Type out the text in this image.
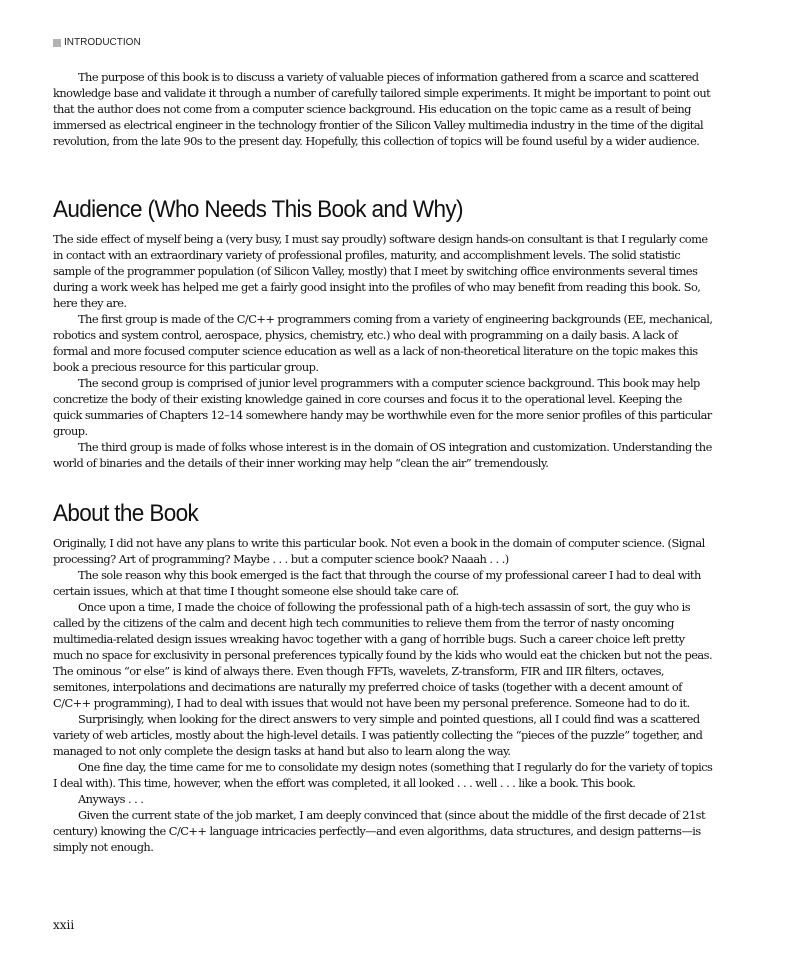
INTRODUCTION

The purpose of this book is to discuss a variety of valuable pieces of information gathered from a scarce and scattered knowledge base and validate it through a number of carefully tailored simple experiments. It might be important to point out that the author does not come from a computer science background. His education on the topic came as a result of being immersed as electrical engineer in the technology frontier of the Silicon Valley multimedia industry in the time of the digital revolution, from the late 90s to the present day. Hopefully, this collection of topics will be found useful by a wider audience.

Audience (Who Needs This Book and Why)

The side effect of myself being a (very busy, I must say proudly) software design hands-on consultant is that I regularly come in contact with an extraordinary variety of professional profiles, maturity, and accomplishment levels. The solid statistic sample of the programmer population (of Silicon Valley, mostly) that I meet by switching office environments several times during a work week has helped me get a fairly good insight into the profiles of who may benefit from reading this book. So, here they are.

The first group is made of the C/C++ programmers coming from a variety of engineering backgrounds (EE, mechanical, robotics and system control, aerospace, physics, chemistry, etc.) who deal with programming on a daily basis. A lack of formal and more focused computer science education as well as a lack of non-theoretical literature on the topic makes this book a precious resource for this particular group.

The second group is comprised of junior level programmers with a computer science background. This book may help concretize the body of their existing knowledge gained in core courses and focus it to the operational level. Keeping the quick summaries of Chapters 12–14 somewhere handy may be worthwhile even for the more senior profiles of this particular group.

The third group is made of folks whose interest is in the domain of OS integration and customization. Understanding the world of binaries and the details of their inner working may help “clean the air” tremendously.

About the Book

Originally, I did not have any plans to write this particular book. Not even a book in the domain of computer science. (Signal processing? Art of programming? Maybe . . . but a computer science book? Naaah . . .)

The sole reason why this book emerged is the fact that through the course of my professional career I had to deal with certain issues, which at that time I thought someone else should take care of.

Once upon a time, I made the choice of following the professional path of a high-tech assassin of sort, the guy who is called by the citizens of the calm and decent high tech communities to relieve them from the terror of nasty oncoming multimedia-related design issues wreaking havoc together with a gang of horrible bugs. Such a career choice left pretty much no space for exclusivity in personal preferences typically found by the kids who would eat the chicken but not the peas. The ominous “or else” is kind of always there. Even though FFTs, wavelets, Z-transform, FIR and IIR filters, octaves, semitones, interpolations and decimations are naturally my preferred choice of tasks (together with a decent amount of C/C++ programming), I had to deal with issues that would not have been my personal preference. Someone had to do it.

Surprisingly, when looking for the direct answers to very simple and pointed questions, all I could find was a scattered variety of web articles, mostly about the high-level details. I was patiently collecting the “pieces of the puzzle” together, and managed to not only complete the design tasks at hand but also to learn along the way.

One fine day, the time came for me to consolidate my design notes (something that I regularly do for the variety of topics I deal with). This time, however, when the effort was completed, it all looked . . . well . . . like a book. This book.

Anyways . . .

Given the current state of the job market, I am deeply convinced that (since about the middle of the first decade of 21st century) knowing the C/C++ language intricacies perfectly—and even algorithms, data structures, and design patterns—is simply not enough.

xxii
